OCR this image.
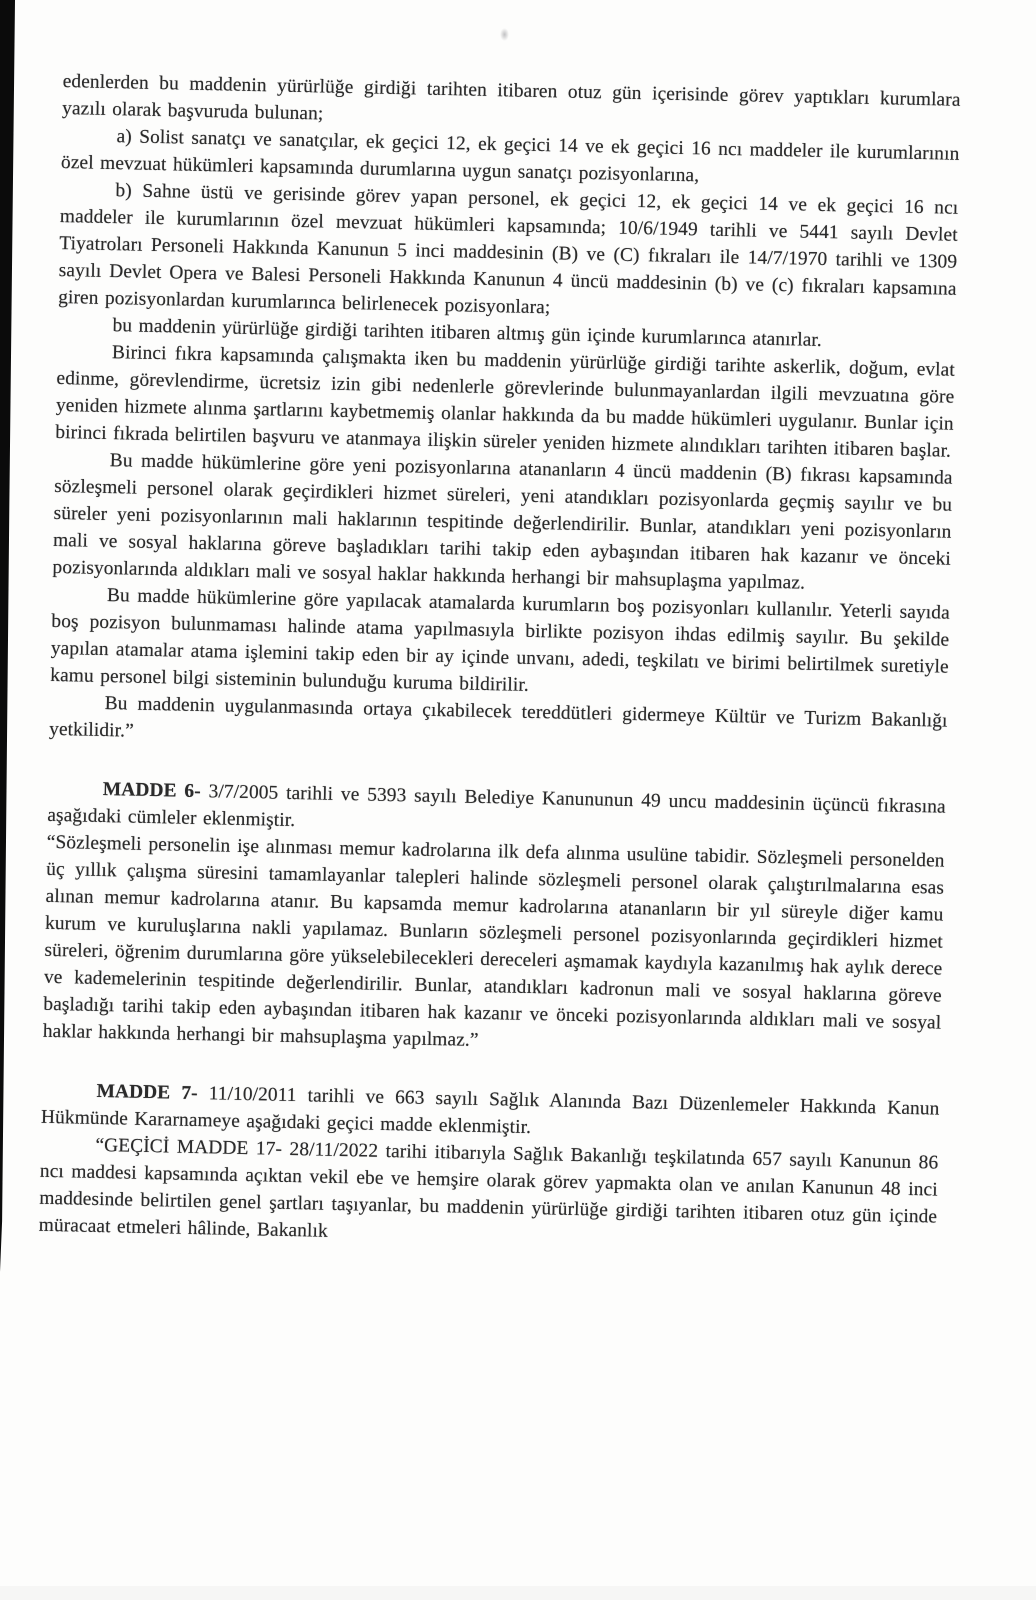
edenlerden bu maddenin yürürlüğe girdiği tarihten itibaren otuz gün içerisinde görev yaptıkları kurumlara yazılı olarak başvuruda bulunan;

a) Solist sanatçı ve sanatçılar, ek geçici 12, ek geçici 14 ve ek geçici 16 ncı maddeler ile kurumlarının özel mevzuat hükümleri kapsamında durumlarına uygun sanatçı pozisyonlarına,

b) Sahne üstü ve gerisinde görev yapan personel, ek geçici 12, ek geçici 14 ve ek geçici 16 ncı maddeler ile kurumlarının özel mevzuat hükümleri kapsamında; 10/6/1949 tarihli ve 5441 sayılı Devlet Tiyatroları Personeli Hakkında Kanunun 5 inci maddesinin (B) ve (C) fıkraları ile 14/7/1970 tarihli ve 1309 sayılı Devlet Opera ve Balesi Personeli Hakkında Kanunun 4 üncü maddesinin (b) ve (c) fıkraları kapsamına giren pozisyonlardan kurumlarınca belirlenecek pozisyonlara;

bu maddenin yürürlüğe girdiği tarihten itibaren altmış gün içinde kurumlarınca atanırlar.

Birinci fıkra kapsamında çalışmakta iken bu maddenin yürürlüğe girdiği tarihte askerlik, doğum, evlat edinme, görevlendirme, ücretsiz izin gibi nedenlerle görevlerinde bulunmayanlardan ilgili mevzuatına göre yeniden hizmete alınma şartlarını kaybetmemiş olanlar hakkında da bu madde hükümleri uygulanır. Bunlar için birinci fıkrada belirtilen başvuru ve atanmaya ilişkin süreler yeniden hizmete alındıkları tarihten itibaren başlar.

Bu madde hükümlerine göre yeni pozisyonlarına atananların 4 üncü maddenin (B) fıkrası kapsamında sözleşmeli personel olarak geçirdikleri hizmet süreleri, yeni atandıkları pozisyonlarda geçmiş sayılır ve bu süreler yeni pozisyonlarının mali haklarının tespitinde değerlendirilir. Bunlar, atandıkları yeni pozisyonların mali ve sosyal haklarına göreve başladıkları tarihi takip eden aybaşından itibaren hak kazanır ve önceki pozisyonlarında aldıkları mali ve sosyal haklar hakkında herhangi bir mahsuplaşma yapılmaz.

Bu madde hükümlerine göre yapılacak atamalarda kurumların boş pozisyonları kullanılır. Yeterli sayıda boş pozisyon bulunmaması halinde atama yapılmasıyla birlikte pozisyon ihdas edilmiş sayılır. Bu şekilde yapılan atamalar atama işlemini takip eden bir ay içinde unvanı, adedi, teşkilatı ve birimi belirtilmek suretiyle kamu personel bilgi sisteminin bulunduğu kuruma bildirilir.

Bu maddenin uygulanmasında ortaya çıkabilecek tereddütleri gidermeye Kültür ve Turizm Bakanlığı yetkilidir.”

MADDE 6- 3/7/2005 tarihli ve 5393 sayılı Belediye Kanununun 49 uncu maddesinin üçüncü fıkrasına aşağıdaki cümleler eklenmiştir.

“Sözleşmeli personelin işe alınması memur kadrolarına ilk defa alınma usulüne tabidir. Sözleşmeli personelden üç yıllık çalışma süresini tamamlayanlar talepleri halinde sözleşmeli personel olarak çalıştırılmalarına esas alınan memur kadrolarına atanır. Bu kapsamda memur kadrolarına atananların bir yıl süreyle diğer kamu kurum ve kuruluşlarına nakli yapılamaz. Bunların sözleşmeli personel pozisyonlarında geçirdikleri hizmet süreleri, öğrenim durumlarına göre yükselebilecekleri dereceleri aşmamak kaydıyla kazanılmış hak aylık derece ve kademelerinin tespitinde değerlendirilir. Bunlar, atandıkları kadronun mali ve sosyal haklarına göreve başladığı tarihi takip eden aybaşından itibaren hak kazanır ve önceki pozisyonlarında aldıkları mali ve sosyal haklar hakkında herhangi bir mahsuplaşma yapılmaz.”

MADDE 7- 11/10/2011 tarihli ve 663 sayılı Sağlık Alanında Bazı Düzenlemeler Hakkında Kanun Hükmünde Kararnameye aşağıdaki geçici madde eklenmiştir.

“GEÇİCİ MADDE 17- 28/11/2022 tarihi itibarıyla Sağlık Bakanlığı teşkilatında 657 sayılı Kanunun 86 ncı maddesi kapsamında açıktan vekil ebe ve hemşire olarak görev yapmakta olan ve anılan Kanunun 48 inci maddesinde belirtilen genel şartları taşıyanlar, bu maddenin yürürlüğe girdiği tarihten itibaren otuz gün içinde müracaat etmeleri hâlinde, Bakanlık
